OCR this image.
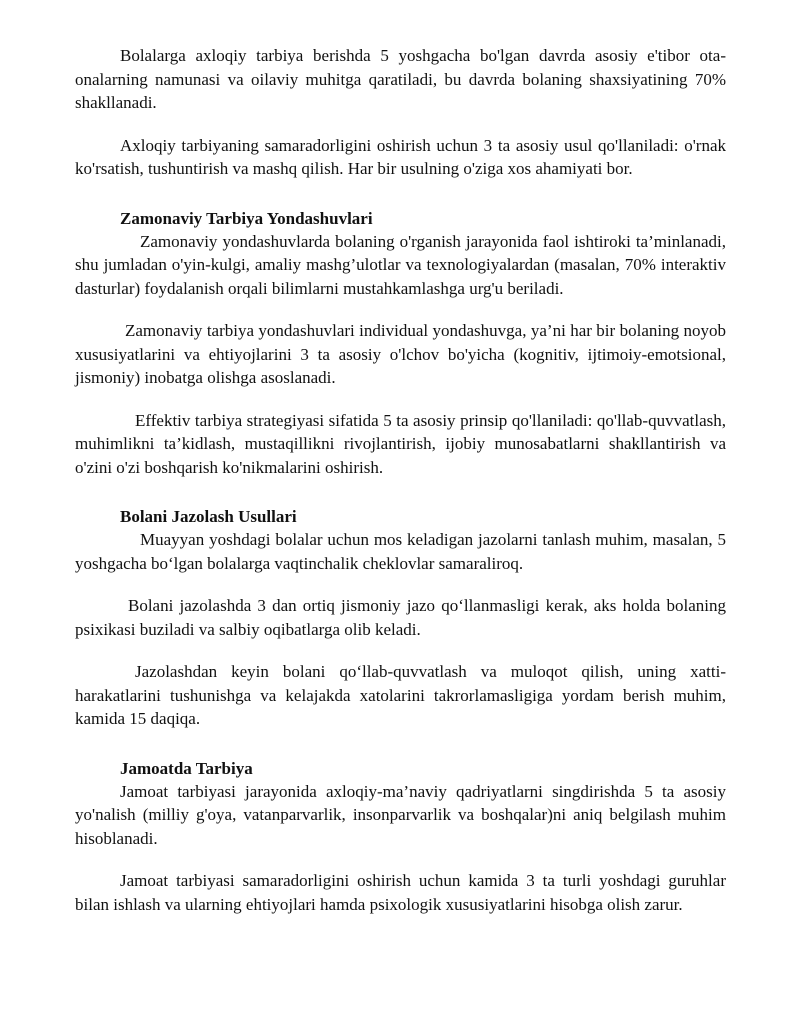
Bolalarga axloqiy tarbiya berishda 5 yoshgacha bo'lgan davrda asosiy e'tibor ota-onalarning namunasi va oilaviy muhitga qaratiladi, bu davrda bolaning shaxsiyatining 70% shakllanadi.

Axloqiy tarbiyaning samaradorligini oshirish uchun 3 ta asosiy usul qo'llaniladi: o'rnak ko'rsatish, tushuntirish va mashq qilish. Har bir usulning o'ziga xos ahamiyati bor.

Zamonaviy Tarbiya Yondashuvlari

Zamonaviy yondashuvlarda bolaning o'rganish jarayonida faol ishtiroki ta’minlanadi, shu jumladan o'yin-kulgi, amaliy mashg’ulotlar va texnologiyalardan (masalan, 70% interaktiv dasturlar) foydalanish orqali bilimlarni mustahkamlashga urg'u beriladi.

Zamonaviy tarbiya yondashuvlari individual yondashuvga, ya’ni har bir bolaning noyob xususiyatlarini va ehtiyojlarini 3 ta asosiy o'lchov bo'yicha (kognitiv, ijtimoiy-emotsional, jismoniy) inobatga olishga asoslanadi.

Effektiv tarbiya strategiyasi sifatida 5 ta asosiy prinsip qo'llaniladi: qo'llab-quvvatlash, muhimlikni ta’kidlash, mustaqillikni rivojlantirish, ijobiy munosabatlarni shakllantirish va o'zini o'zi boshqarish ko'nikmalarini oshirish.

Bolani Jazolash Usullari

Muayyan yoshdagi bolalar uchun mos keladigan jazolarni tanlash muhim, masalan, 5 yoshgacha bo‘lgan bolalarga vaqtinchalik cheklovlar samaraliroq.

Bolani jazolashda 3 dan ortiq jismoniy jazo qo‘llanmasligi kerak, aks holda bolaning psixikasi buziladi va salbiy oqibatlarga olib keladi.

Jazolashdan keyin bolani qo‘llab-quvvatlash va muloqot qilish, uning xatti-harakatlarini tushunishga va kelajakda xatolarini takrorlamasligiga yordam berish muhim, kamida 15 daqiqa.

Jamoatda Tarbiya

Jamoat tarbiyasi jarayonida axloqiy-ma’naviy qadriyatlarni singdirishda 5 ta asosiy yo'nalish (milliy g'oya, vatanparvarlik, insonparvarlik va boshqalar)ni aniq belgilash muhim hisoblanadi.

Jamoat tarbiyasi samaradorligini oshirish uchun kamida 3 ta turli yoshdagi guruhlar bilan ishlash va ularning ehtiyojlari hamda psixologik xususiyatlarini hisobga olish zarur.
